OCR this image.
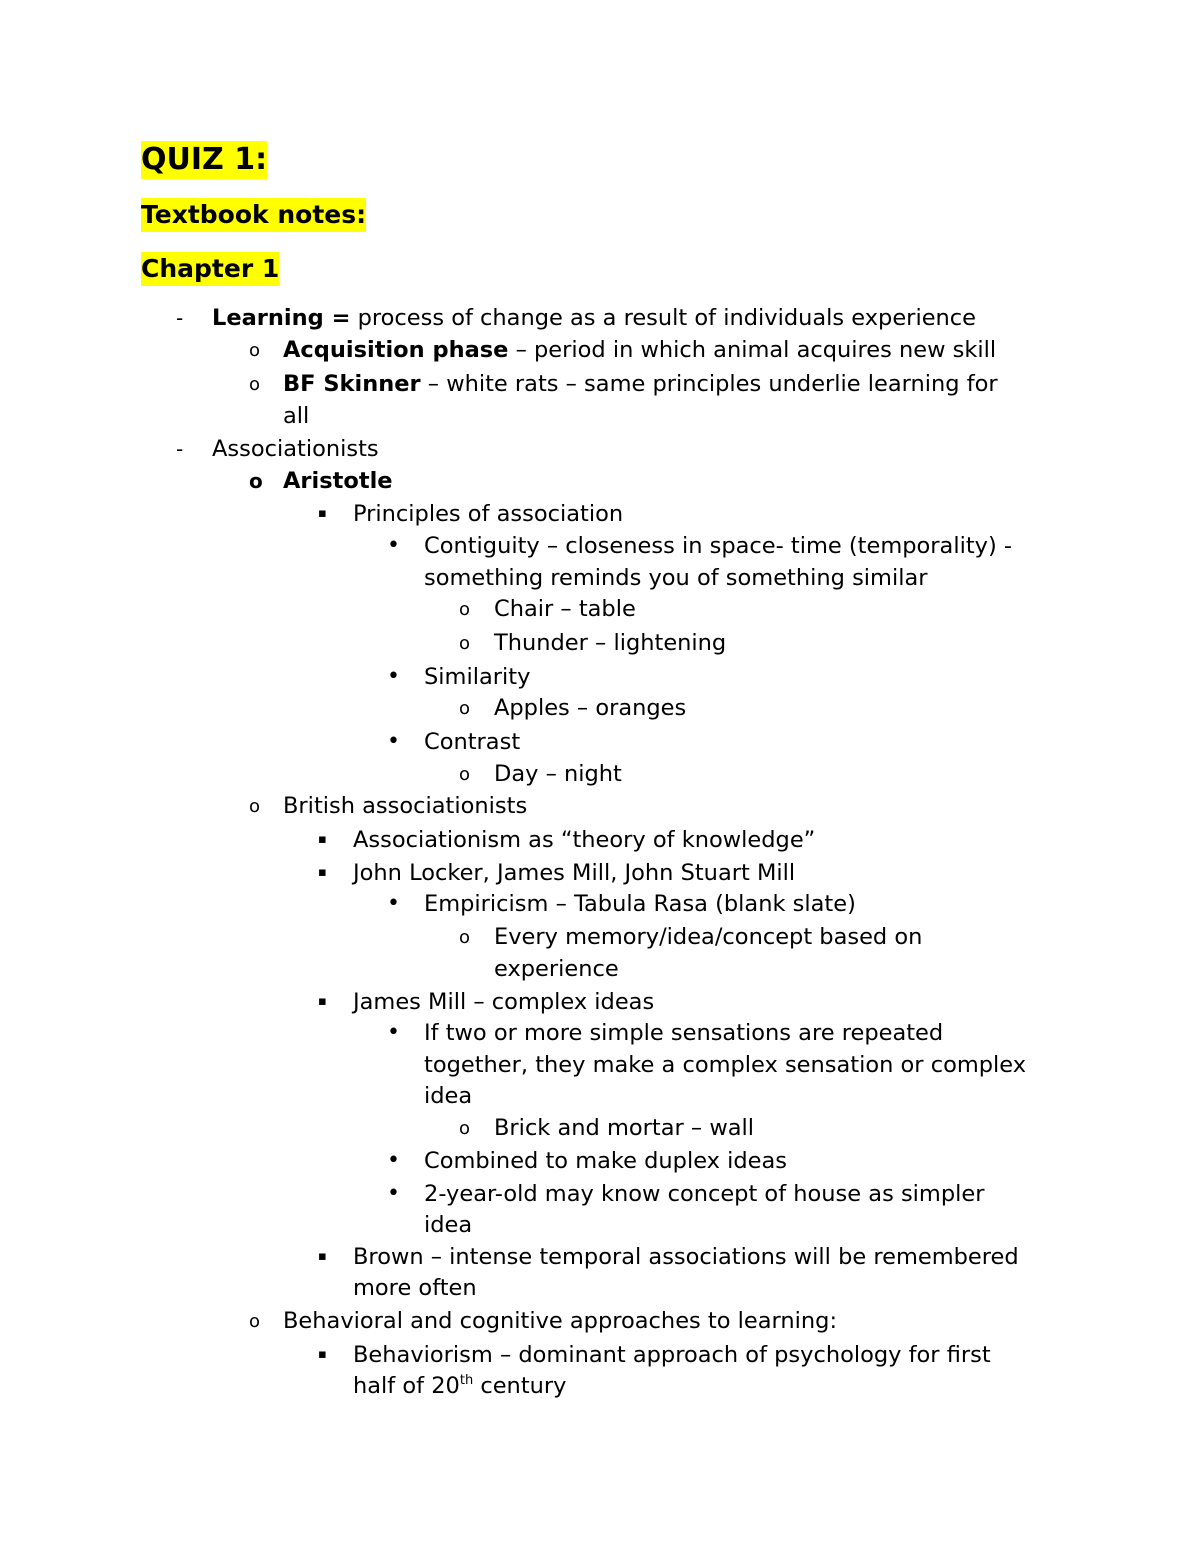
QUIZ 1:
Textbook notes:
Chapter 1
- Learning = process of change as a result of individuals experience
o Acquisition phase – period in which animal acquires new skill
o BF Skinner – white rats – same principles underlie learning for
all
- Associationists
o Aristotle
▪ Principles of association
• Contiguity – closeness in space- time (temporality) -
something reminds you of something similar
o Chair – table
o Thunder – lightening
• Similarity
o Apples – oranges
• Contrast
o Day – night
o British associationists
▪ Associationism as “theory of knowledge”
▪ John Locker, James Mill, John Stuart Mill
• Empiricism – Tabula Rasa (blank slate)
o Every memory/idea/concept based on
experience
▪ James Mill – complex ideas
• If two or more simple sensations are repeated
together, they make a complex sensation or complex
idea
o Brick and mortar – wall
• Combined to make duplex ideas
• 2-year-old may know concept of house as simpler
idea
▪ Brown – intense temporal associations will be remembered
more often
o Behavioral and cognitive approaches to learning:
▪ Behaviorism – dominant approach of psychology for first
half of 20th century
